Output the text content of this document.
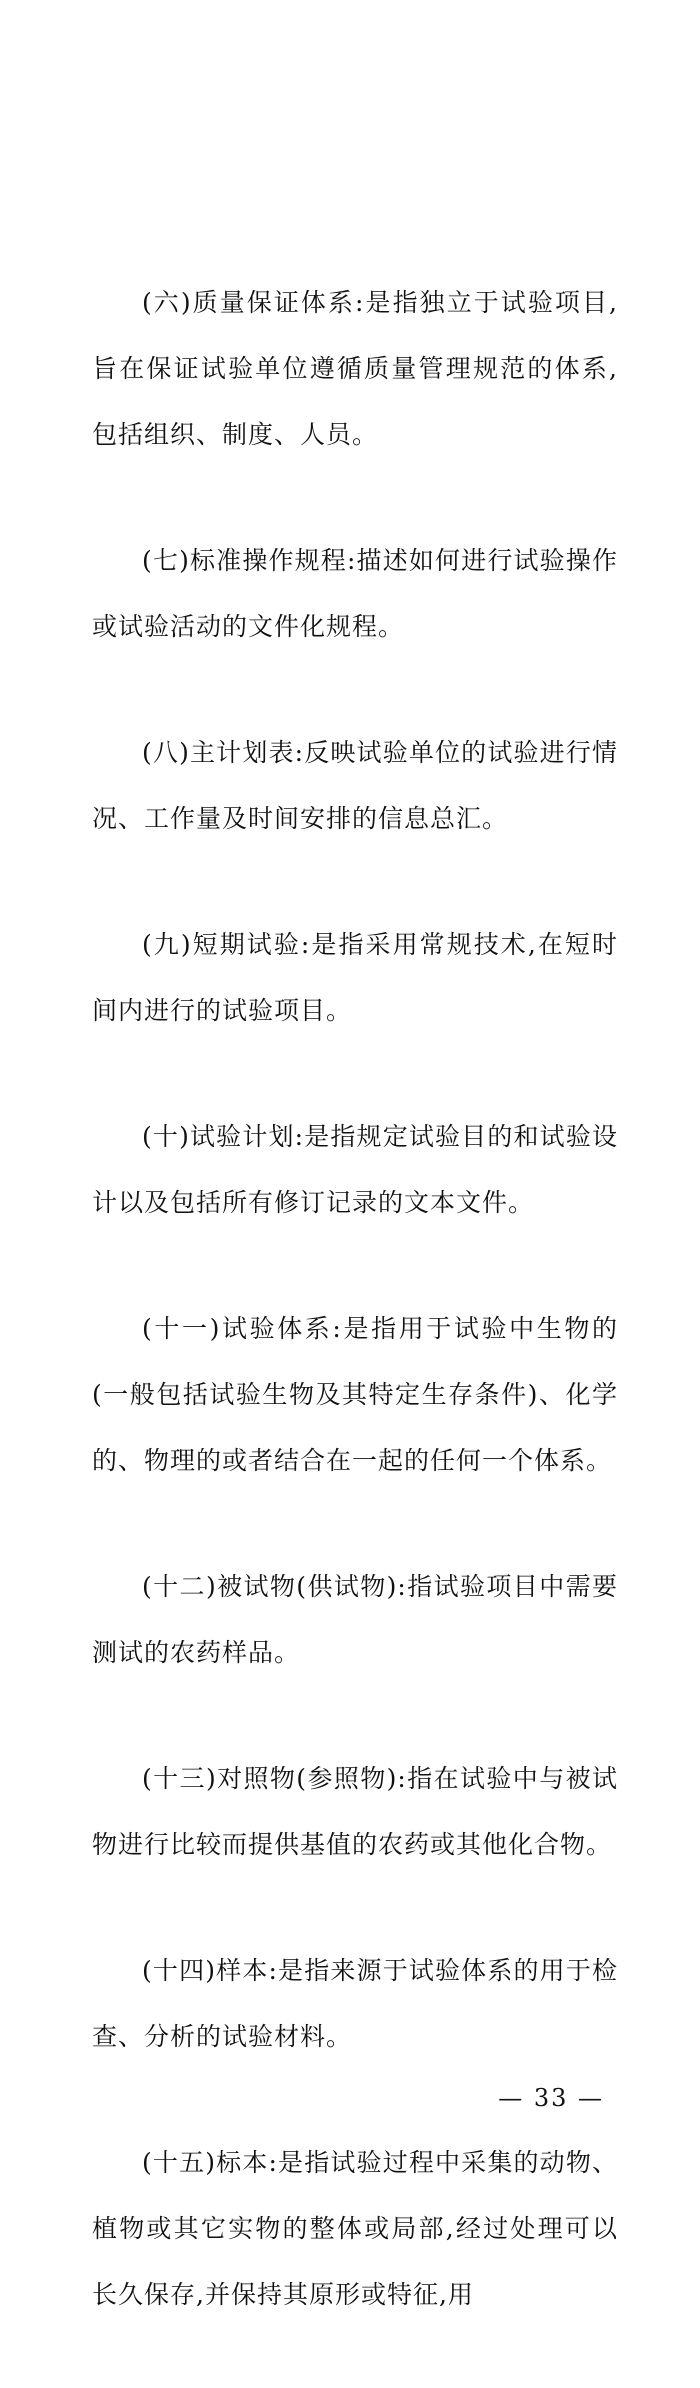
(六)质量保证体系:是指独立于试验项目,旨在保证试验单位遵循质量管理规范的体系,包括组织、制度、人员。

(七)标准操作规程:描述如何进行试验操作或试验活动的文件化规程。

(八)主计划表:反映试验单位的试验进行情况、工作量及时间安排的信息总汇。

(九)短期试验:是指采用常规技术,在短时间内进行的试验项目。

(十)试验计划:是指规定试验目的和试验设计以及包括所有修订记录的文本文件。

(十一)试验体系:是指用于试验中生物的(一般包括试验生物及其特定生存条件)、化学的、物理的或者结合在一起的任何一个体系。

(十二)被试物(供试物):指试验项目中需要测试的农药样品。

(十三)对照物(参照物):指在试验中与被试物进行比较而提供基值的农药或其他化合物。

(十四)样本:是指来源于试验体系的用于检查、分析的试验材料。

(十五)标本:是指试验过程中采集的动物、植物或其它实物的整体或局部,经过处理可以长久保存,并保持其原形或特征,用

— 33 —
